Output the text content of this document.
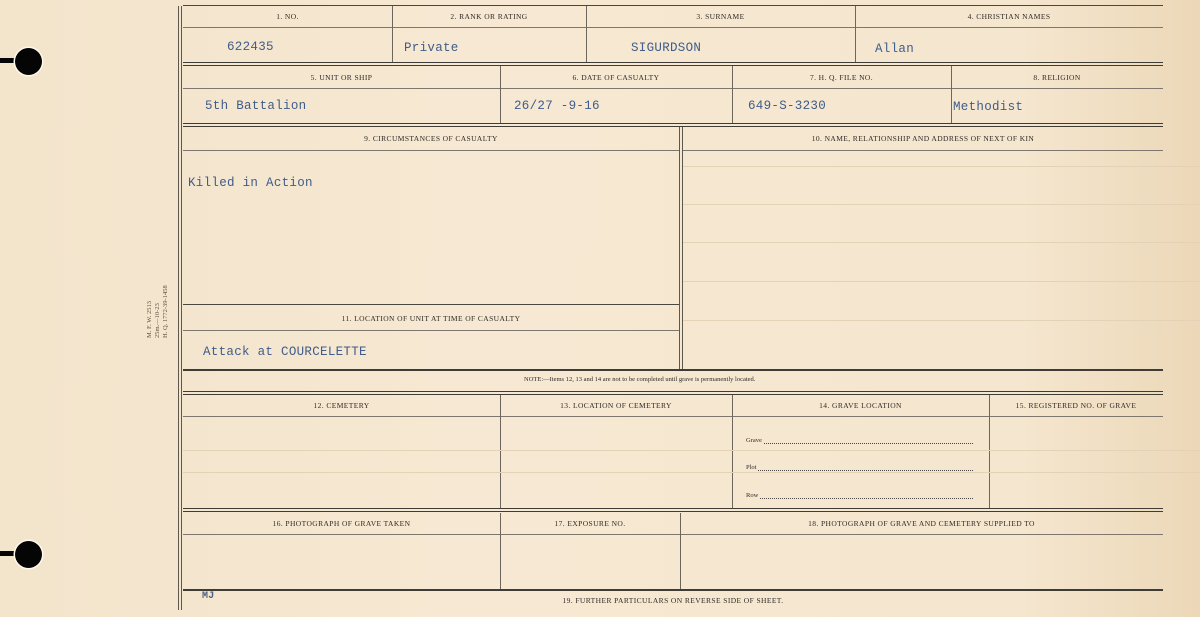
M. F. W. 2513 25m.—10-23 H. Q. 1772-39-1458
1. NO.	2. RANK OR RATING	3. SURNAME	4. CHRISTIAN NAMES
622435	Private	SIGURDSON	Allan
5. UNIT OR SHIP	6. DATE OF CASUALTY	7. H. Q. FILE NO.	8. RELIGION
5th Battalion	26/27 -9-16	649-S-3230	Methodist
9. CIRCUMSTANCES OF CASUALTY	10. NAME, RELATIONSHIP AND ADDRESS OF NEXT OF KIN
Killed in Action
11. LOCATION OF UNIT AT TIME OF CASUALTY
Attack at COURCELETTE
NOTE:—Items 12, 13 and 14 are not to be completed until grave is permanently located.
12. CEMETERY	13. LOCATION OF CEMETERY	14. GRAVE LOCATION	15. REGISTERED NO. OF GRAVE
Grave
Plot
Row
16. PHOTOGRAPH OF GRAVE TAKEN	17. EXPOSURE NO.	18. PHOTOGRAPH OF GRAVE AND CEMETERY SUPPLIED TO
MJ	19. FURTHER PARTICULARS ON REVERSE SIDE OF SHEET.
